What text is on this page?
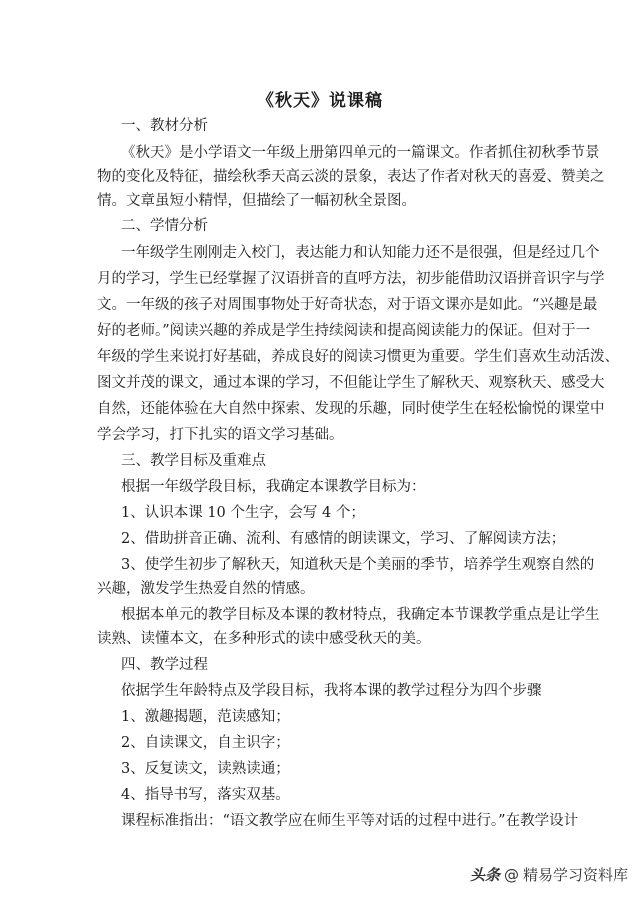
《秋天》说课稿

一、教材分析

《秋天》是小学语文一年级上册第四单元的一篇课文。作者抓住初秋季节景

物的变化及特征，描绘秋季天高云淡的景象，表达了作者对秋天的喜爱、赞美之

情。文章虽短小精悍，但描绘了一幅初秋全景图。

二、学情分析

一年级学生刚刚走入校门，表达能力和认知能力还不是很强，但是经过几个

月的学习，学生已经掌握了汉语拼音的直呼方法，初步能借助汉语拼音识字与学

文。一年级的孩子对周围事物处于好奇状态，对于语文课亦是如此。“兴趣是最

好的老师。”阅读兴趣的养成是学生持续阅读和提高阅读能力的保证。但对于一

年级的学生来说打好基础，养成良好的阅读习惯更为重要。学生们喜欢生动活泼、

图文并茂的课文，通过本课的学习，不但能让学生了解秋天、观察秋天、感受大

自然，还能体验在大自然中探索、发现的乐趣，同时使学生在轻松愉悦的课堂中

学会学习，打下扎实的语文学习基础。

三、教学目标及重难点

根据一年级学段目标，我确定本课教学目标为：

1、认识本课 10 个生字，会写 4 个；

2、借助拼音正确、流利、有感情的朗读课文，学习、了解阅读方法；

3、使学生初步了解秋天，知道秋天是个美丽的季节，培养学生观察自然的

兴趣，激发学生热爱自然的情感。

根据本单元的教学目标及本课的教材特点，我确定本节课教学重点是让学生

读熟、读懂本文，在多种形式的读中感受秋天的美。

四、教学过程

依据学生年龄特点及学段目标，我将本课的教学过程分为四个步骤

1、激趣揭题，范读感知；

2、自读课文，自主识字；

3、反复读文，读熟读通；

4、指导书写，落实双基。

课程标准指出：“语文教学应在师生平等对话的过程中进行。”在教学设计

头条 @ 精易学习资料库
